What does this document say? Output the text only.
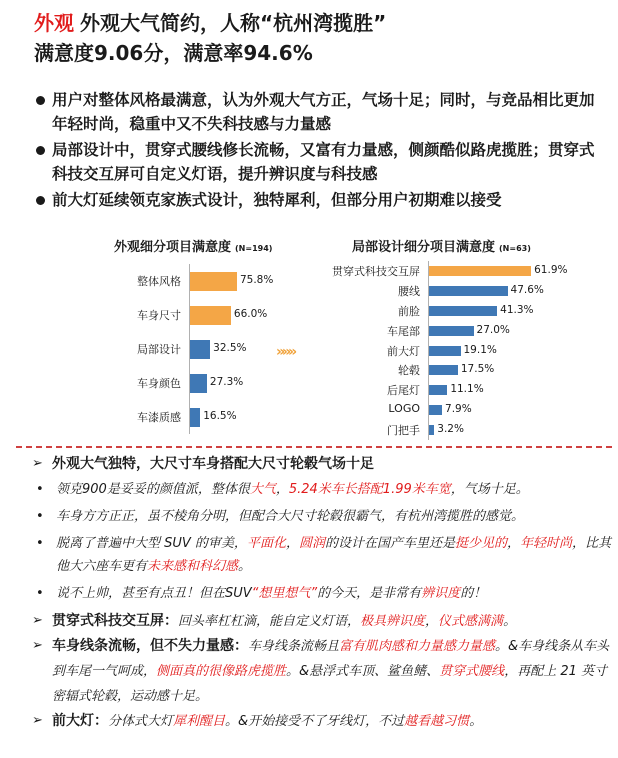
外观 外观大气简约，人称“杭州湾揽胜”
满意度9.06分，满意率94.6%
用户对整体风格最满意，认为外观大气方正，气场十足；同时，与竞品相比更加年轻时尚，稳重中又不失科技感与力量感
局部设计中，贯穿式腰线修长流畅，又富有力量感，侧颜酷似路虎揽胜；贯穿式科技交互屏可自定义灯语，提升辨识度与科技感
前大灯延续领克家族式设计，独特犀利，但部分用户初期难以接受
外观细分项目满意度 (N=194)	局部设计细分项目满意度 (N=63)
整体风格	75.8%
车身尺寸	66.0%
局部设计	32.5%
车身颜色	27.3%
车漆质感 16.5%
贯穿式科技交互屏	61.9%
腰线	47.6%
前脸	41.3%
车尾部	27.0%
前大灯	19.1%
轮毂	17.5%
后尾灯	11.1%
LOGO 7.9%
门把手 3.2%
»»»
➢ 外观大气独特，大尺寸车身搭配大尺寸轮毂气场十足
• 领克900是妥妥的颜值派，整体很大气，5.24米车长搭配1.99米车宽，气场十足。
• 车身方方正正，虽不棱角分明，但配合大尺寸轮毂很霸气，有杭州湾揽胜的感觉。
• 脱离了普遍中大型 SUV 的审美，平面化，圆润的设计在国产车里还是挺少见的，年轻时尚，比其他大六座车更有未来感和科幻感。
• 说不上帅，甚至有点丑！但在SUV“想里想气”的今天，是非常有辨识度的！
➢ 贯穿式科技交互屏：回头率杠杠滴，能自定义灯语，极具辨识度，仪式感满满。
➢ 车身线条流畅，但不失力量感：车身线条流畅且富有肌肉感和力量感力量感。&车身线条从车头到车尾一气呵成，侧面真的很像路虎揽胜。&悬浮式车顶、鲨鱼鳍、贯穿式腰线，再配上 21 英寸密辐式轮毂，运动感十足。
➢ 前大灯：分体式大灯犀利醒目。&开始接受不了牙线灯，不过越看越习惯。
